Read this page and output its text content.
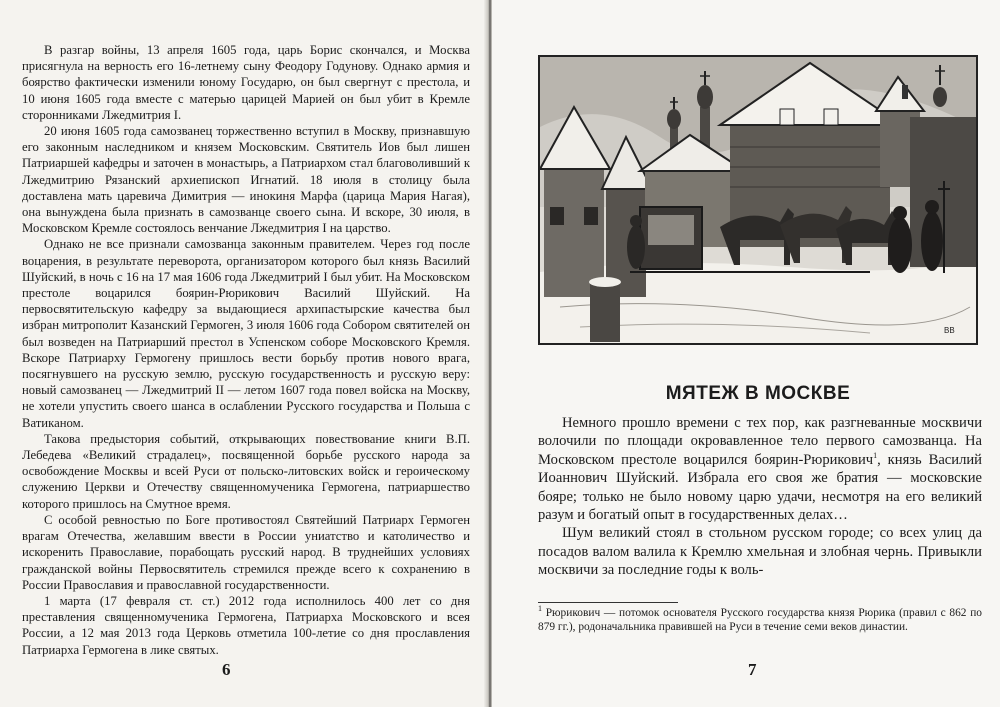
В разгар войны, 13 апреля 1605 года, царь Борис скончался, и Москва присягнула на верность его 16-летнему сыну Феодору Годунову. Однако армия и боярство фактически изменили юному Государю, он был свергнут с престола, и 10 июня 1605 года вместе с матерью царицей Марией он был убит в Кремле сторонниками Лжедмитрия I.

20 июня 1605 года самозванец торжественно вступил в Москву, признавшую его законным наследником и князем Московским. Святитель Иов был лишен Патриаршей кафедры и заточен в монастырь, а Патриархом стал благоволивший к Лжедмитрию Рязанский архиепископ Игнатий. 18 июля в столицу была доставлена мать царевича Димитрия — инокиня Марфа (царица Мария Нагая), она вынуждена была признать в самозванце своего сына. И вскоре, 30 июля, в Московском Кремле состоялось венчание Лжедмитрия I на царство.

Однако не все признали самозванца законным правителем. Через год после воцарения, в результате переворота, организатором которого был князь Василий Шуйский, в ночь с 16 на 17 мая 1606 года Лжедмитрий I был убит. На Московском престоле воцарился боярин-Рюрикович Василий Шуйский. На первосвятительскую кафедру за выдающиеся архипастырские качества был избран митрополит Казанский Гермоген, 3 июля 1606 года Собором святителей он был возведен на Патриарший престол в Успенском соборе Московского Кремля. Вскоре Патриарху Гермогену пришлось вести борьбу против нового врага, посягнувшего на русскую землю, русскую государственность и русскую веру: новый самозванец — Лжедмитрий II — летом 1607 года повел войска на Москву, не хотели упустить своего шанса в ослаблении Русского государства и Польша с Ватиканом.

Такова предыстория событий, открывающих повествование книги В.П. Лебедева «Великий страдалец», посвященной борьбе русского народа за освобождение Москвы и всей Руси от польско-литовских войск и героическому служению Церкви и Отечеству священномученика Гермогена, патриаршество которого пришлось на Смутное время.

С особой ревностью по Боге противостоял Святейший Патриарх Гермоген врагам Отечества, желавшим ввести в России униатство и католичество и искоренить Православие, порабощать русский народ. В труднейших условиях гражданской войны Первосвятитель стремился прежде всего к сохранению в России Православия и православной государственности.

1 марта (17 февраля ст. ст.) 2012 года исполнилось 400 лет со дня преставления священномученика Гермогена, Патриарха Московского и всея России, а 12 мая 2013 года Церковь отметила 100-летие со дня прославления Патриарха Гермогена в лике святых.

6
ВВ
МЯТЕЖ В МОСКВЕ

Немного прошло времени с тех пор, как разгневанные москвичи волочили по площади окровавленное тело первого самозванца. На Московском престоле воцарился боярин-Рюрикович$^1$, князь Василий Иоаннович Шуйский. Избрала его своя же братия — московские бояре; только не было новому царю удачи, несмотря на его великий разум и богатый опыт в государственных делах…

Шум великий стоял в стольном русском городе; со всех улиц да посадов валом валила к Кремлю хмельная и злобная чернь. Привыкли москвичи за последние годы к воль-

$^1$ Рюрикович — потомок основателя Русского государства князя Рюрика (правил с 862 по 879 гг.), родоначальника правившей на Руси в течение семи веков династии.
7
